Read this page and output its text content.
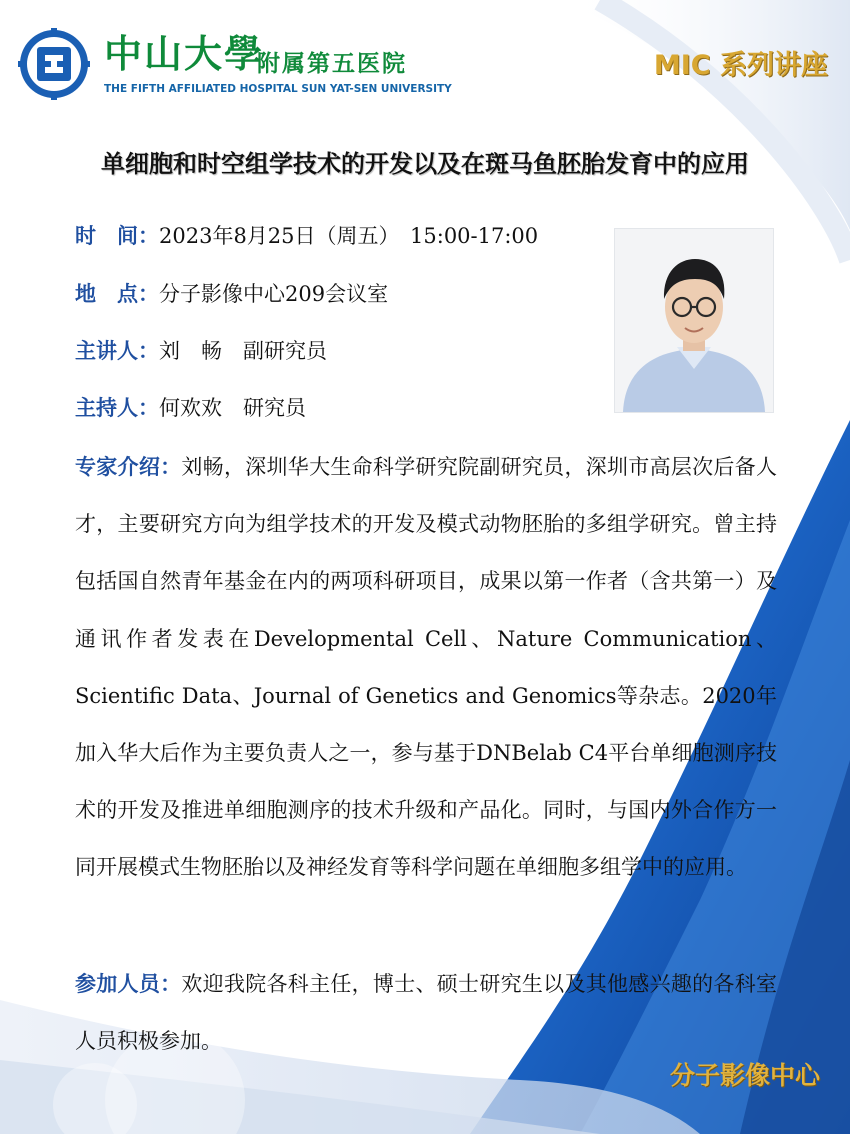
中山大學
附属第五医院
THE FIFTH AFFILIATED HOSPITAL SUN YAT-SEN UNIVERSITY
MIC 系列讲座
单细胞和时空组学技术的开发以及在斑马鱼胚胎发育中的应用
时　间：2023年8月25日（周五）　15:00-17:00
地　点：分子影像中心209会议室
主讲人：刘　畅　副研究员
主持人：何欢欢　研究员
专家介绍：刘畅，深圳华大生命科学研究院副研究员，深圳市高层次后备人才，主要研究方向为组学技术的开发及模式动物胚胎的多组学研究。曾主持包括国自然青年基金在内的两项科研项目，成果以第一作者（含共第一）及通讯作者发表在Developmental Cell、Nature Communication、Scientific Data、Journal of Genetics and Genomics等杂志。2020年加入华大后作为主要负责人之一，参与基于DNBelab C4平台单细胞测序技术的开发及推进单细胞测序的技术升级和产品化。同时，与国内外合作方一同开展模式生物胚胎以及神经发育等科学问题在单细胞多组学中的应用。
参加人员：欢迎我院各科主任，博士、硕士研究生以及其他感兴趣的各科室人员积极参加。
分子影像中心
